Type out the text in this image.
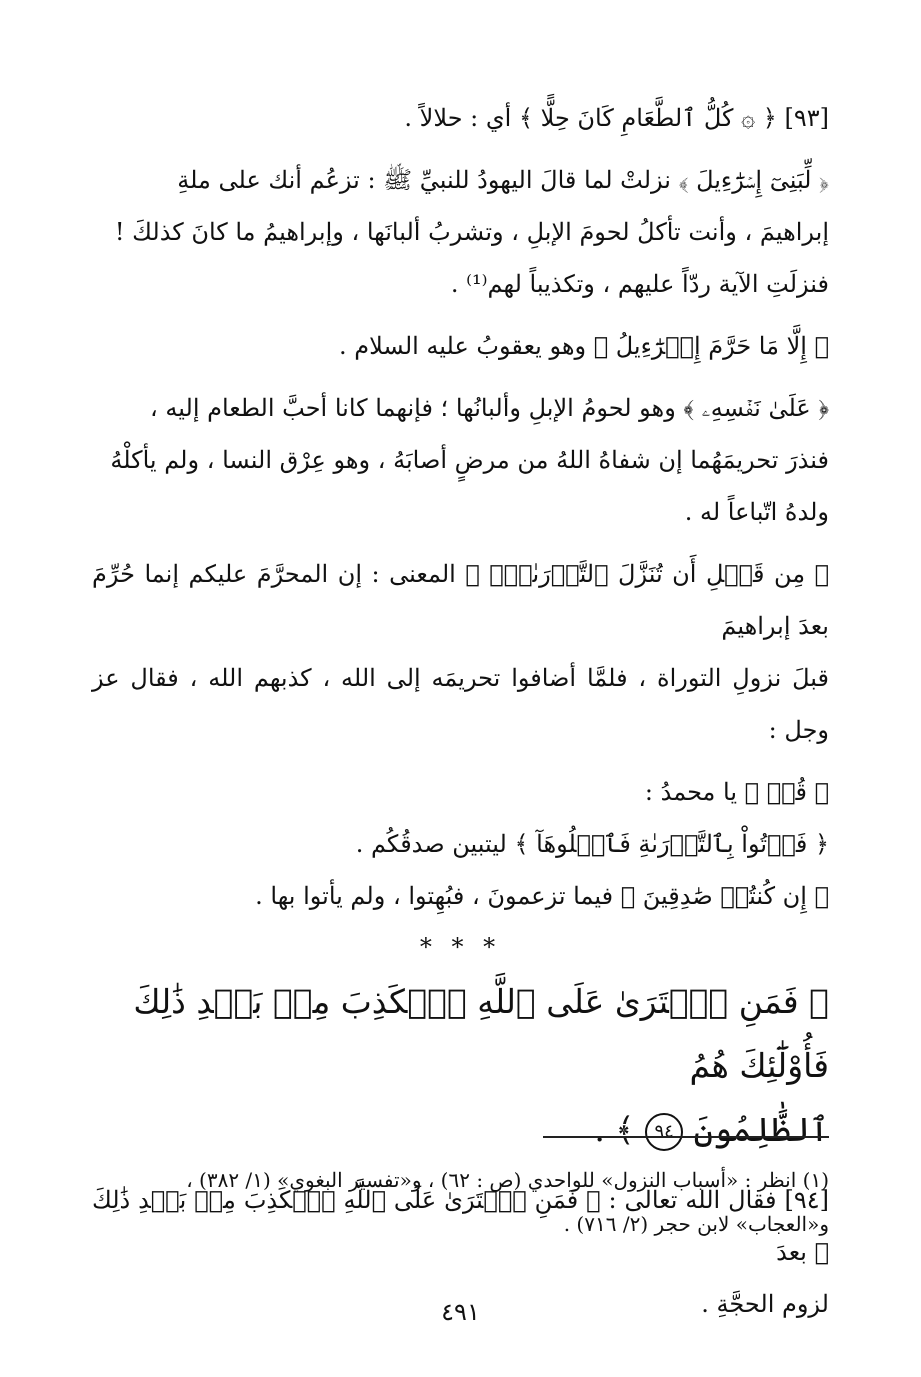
[٩٣] ﴿ ۞ كُلُّ ٱلطَّعَامِ كَانَ حِلًّا ﴾ أي : حلالاً .
﴿ لِّبَنِىٓ إِسۡرَٰٓءِيلَ ﴾ نزلتْ لما قالَ اليهودُ للنبيِّ ﷺ : تزعُم أنك على ملةِ
إبراهيمَ ، وأنت تأكلُ لحومَ الإبلِ ، وتشربُ ألبانَها ، وإبراهيمُ ما كانَ كذلكَ !
فنزلَتِ الآية ردّاً عليهم ، وتكذيباً لهم⁽¹⁾ .
﴿ إِلَّا مَا حَرَّمَ إِسۡرَٰٓءِيلُ ﴾ وهو يعقوبُ عليه السلام .
﴿ عَلَىٰ نَفۡسِهِۦ ﴾ وهو لحومُ الإبلِ وألبانُها ؛ فإنهما كانا أحبَّ الطعام إليه ،
فنذرَ تحريمَهُما إن شفاهُ اللهُ من مرضٍ أصابَهُ ، وهو عِرْق النسا ، ولم يأكلْهُ
ولدهُ اتّباعاً له .
﴿ مِن قَبۡلِ أَن تُنَزَّلَ ٱلتَّوۡرَىٰةُۚ ﴾ المعنى : إن المحرَّمَ عليكم إنما حُرِّمَ بعدَ إبراهيمَ
قبلَ نزولِ التوراة ، فلمَّا أضافوا تحريمَه إلى الله ، كذبهم الله ، فقال عز وجل :
﴿ قُلۡ ﴾ يا محمدُ :
﴿ فَأۡتُواْ بِٱلتَّوۡرَىٰةِ فَٱتۡلُوهَآ ﴾ ليتبين صدقُكُم .
﴿ إِن كُنتُمۡ صَٰدِقِينَ ﴾ فيما تزعمونَ ، فبُهِتوا ، ولم يأتوا بها .
* * *
﴿ فَمَنِ ٱفۡتَرَىٰ عَلَى ٱللَّهِ ٱلۡكَذِبَ مِنۢ بَعۡدِ ذَٰلِكَ فَأُوْلَٰٓئِكَ هُمُ
ٱلظَّٰلِمُونَ ٩٤ ﴾ .
[٩٤] فقال الله تعالى : ﴿ فَمَنِ ٱفۡتَرَىٰ عَلَى ٱللَّهِ ٱلۡكَذِبَ مِنۢ بَعۡدِ ذَٰلِكَ ﴾ بعدَ
لزوم الحجَّةِ .
(١) انظر : «أسباب النزول» للواحدي (ص : ٦٢) ، و«تفسير البغوي» (١/ ٣٨٢) ،
و«العجاب» لابن حجر (٢/ ٧١٦) .
٤٩١
